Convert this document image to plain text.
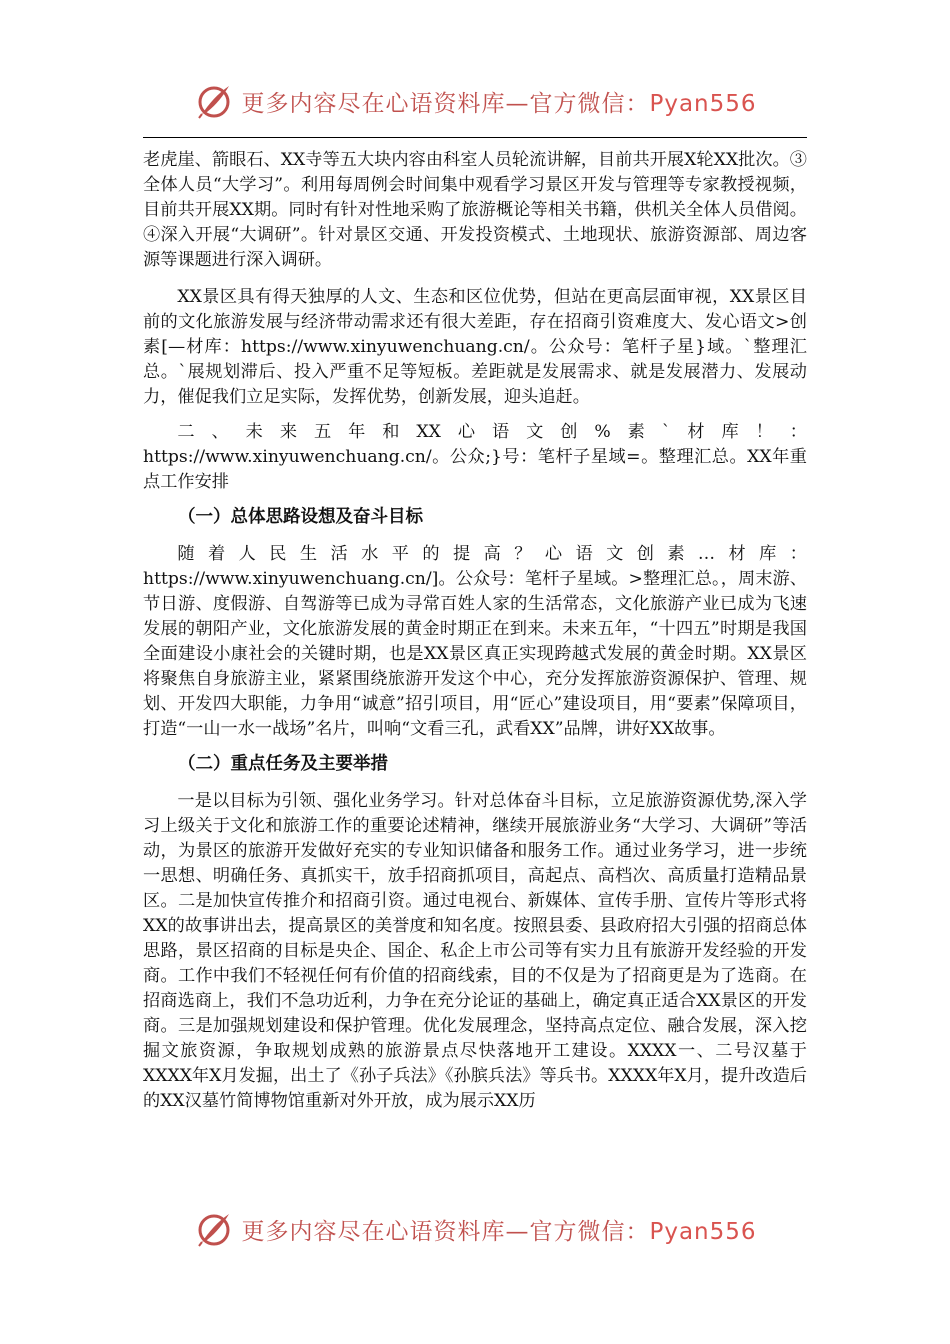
更多内容尽在心语资料库—官方微信：Pyan556

老虎崖、箭眼石、XX寺等五大块内容由科室人员轮流讲解，目前共开展X轮XX批次。③全体人员“大学习”。利用每周例会时间集中观看学习景区开发与管理等专家教授视频，目前共开展XX期。同时有针对性地采购了旅游概论等相关书籍，供机关全体人员借阅。④深入开展“大调研”。针对景区交通、开发投资模式、土地现状、旅游资源部、周边客源等课题进行深入调研。

XX景区具有得天独厚的人文、生态和区位优势，但站在更高层面审视，XX景区目前的文化旅游发展与经济带动需求还有很大差距，存在招商引资难度大、发心语文>创素[—材库：https://www.xinyuwenchuang.cn/。公众号：笔杆子星}域。`整理汇总。`展规划滞后、投入严重不足等短板。差距就是发展需求、就是发展潜力、发展动力，催促我们立足实际，发挥优势，创新发展，迎头追赶。

二、未来五年和XX心语文创%素`材库！：https://www.xinyuwenchuang.cn/。公众;}号：笔杆子星域=。整理汇总。XX年重点工作安排

（一）总体思路设想及奋斗目标

随着人民生活水平的提高？心语文创素…材库：https://www.xinyuwenchuang.cn/]。公众号：笔杆子星域。>整理汇总。，周末游、节日游、度假游、自驾游等已成为寻常百姓人家的生活常态，文化旅游产业已成为飞速发展的朝阳产业，文化旅游发展的黄金时期正在到来。未来五年，“十四五”时期是我国全面建设小康社会的关键时期，也是XX景区真正实现跨越式发展的黄金时期。XX景区将聚焦自身旅游主业，紧紧围绕旅游开发这个中心，充分发挥旅游资源保护、管理、规划、开发四大职能，力争用“诚意”招引项目，用“匠心”建设项目，用“要素”保障项目，打造“一山一水一战场”名片，叫响“文看三孔，武看XX”品牌，讲好XX故事。

（二）重点任务及主要举措

一是以目标为引领、强化业务学习。针对总体奋斗目标，立足旅游资源优势,深入学习上级关于文化和旅游工作的重要论述精神，继续开展旅游业务“大学习、大调研”等活动，为景区的旅游开发做好充实的专业知识储备和服务工作。通过业务学习，进一步统一思想、明确任务、真抓实干，放手招商抓项目，高起点、高档次、高质量打造精品景区。二是加快宣传推介和招商引资。通过电视台、新媒体、宣传手册、宣传片等形式将XX的故事讲出去，提高景区的美誉度和知名度。按照县委、县政府招大引强的招商总体思路，景区招商的目标是央企、国企、私企上市公司等有实力且有旅游开发经验的开发商。工作中我们不轻视任何有价值的招商线索，目的不仅是为了招商更是为了选商。在招商选商上，我们不急功近利，力争在充分论证的基础上，确定真正适合XX景区的开发商。三是加强规划建设和保护管理。优化发展理念，坚持高点定位、融合发展，深入挖掘文旅资源，争取规划成熟的旅游景点尽快落地开工建设。XXXX一、二号汉墓于XXXX年X月发掘，出土了《孙子兵法》《孙膑兵法》等兵书。XXXX年X月，提升改造后的XX汉墓竹简博物馆重新对外开放，成为展示XX历

更多内容尽在心语资料库—官方微信：Pyan556
